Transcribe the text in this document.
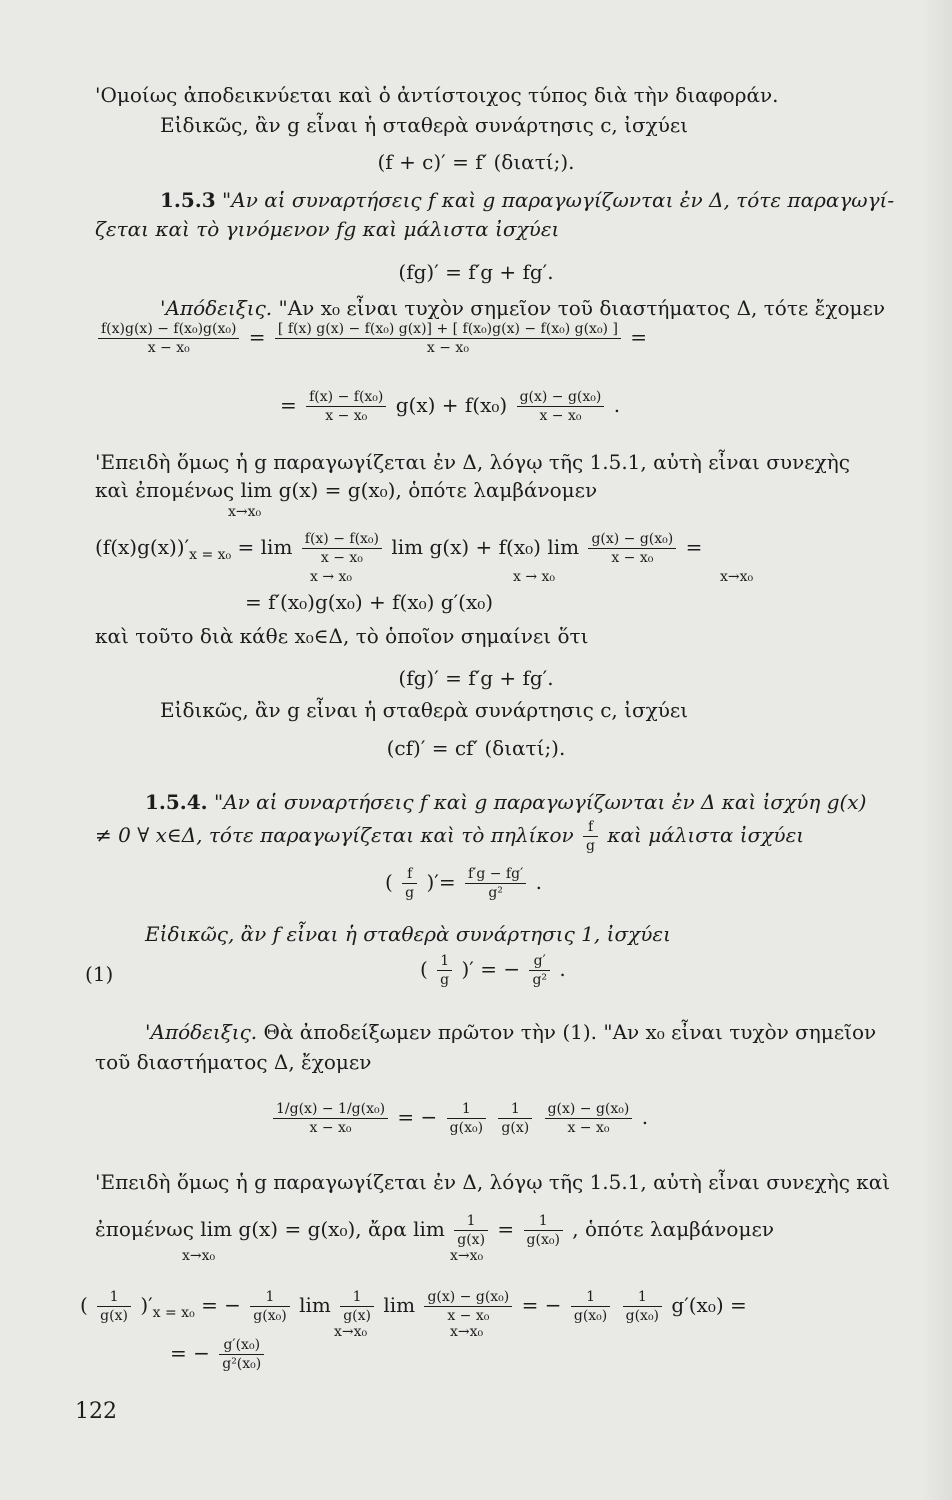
'Ομοίως ἀποδεικνύεται καὶ ὁ ἀντίστοιχος τύπος διὰ τὴν διαφοράν.
Εἰδικῶς, ἂν g εἶναι ἡ σταθερὰ συνάρτησις c, ἰσχύει
(f + c)′ = f′ (διατί;).
1.5.3 "Αν αἱ συναρτήσεις f καὶ g παραγωγίζωνται ἐν Δ, τότε παραγωγί-
ζεται καὶ τὸ γινόμενον fg καὶ μάλιστα ἰσχύει
(fg)′ = f′g + fg′.
'Απόδειξις. "Αν x₀ εἶναι τυχὸν σημεῖον τοῦ διαστήματος Δ, τότε ἔχομεν
$\frac{\text{f(x)g(x) − f(x₀)g(x₀)}}{\text{x − x₀}} = \frac{\text{[ f(x) g(x) − f(x₀) g(x)] + [ f(x₀)g(x) − f(x₀) g(x₀) ]}}{\text{x − x₀}}$ =
= $\frac{\text{f(x) − f(x₀)}}{\text{x − x₀}} g(x) + f(x_0) \frac{\text{g(x) − g(x₀)}}{\text{x − x₀}}$ .
'Επειδὴ ὅμως ἡ g παραγωγίζεται ἐν Δ, λόγῳ τῆς 1.5.1, αὐτὴ εἶναι συνεχὴς
καὶ ἐπομένως lim g(x) = g(x₀), ὁπότε λαμβάνομεν
x→x₀
$(f(x)g(x))'_{x = x_0} = \lim \frac{\text{f(x) − f(x₀)}}{\text{x − x₀}}$ lim g(x) + f(x₀) $\lim \frac{\text{g(x) − g(x₀)}}{\text{x − x₀}}$ =
x → x₀	x → x₀	x→x₀
= f′(x₀)g(x₀) + f(x₀) g′(x₀)
καὶ τοῦτο διὰ κάθε x₀∈Δ, τὸ ὁποῖον σημαίνει ὅτι
(fg)′ = f′g + fg′.
Εἰδικῶς, ἂν g εἶναι ἡ σταθερὰ συνάρτησις c, ἰσχύει
(cf)′ = cf′ (διατί;).
1.5.4. "Αν αἱ συναρτήσεις f καὶ g παραγωγίζωνται ἐν Δ καὶ ἰσχύη g(x)
≠ 0 ∀ x∈Δ, τότε παραγωγίζεται καὶ τὸ πηλίκον $\frac{f}{g}$ καὶ μάλιστα ἰσχύει
( $\frac{f}{g}$ )′= $\frac{f'g - fg'}{\text{g²}}$ .
Εἰδικῶς, ἂν f εἶναι ἡ σταθερὰ συνάρτησις 1, ἰσχύει
(1)	( $\frac{1}{g}$ )′ = − $\frac{g'}{\text{g²}}$ .
'Απόδειξις. Θὰ ἀποδείξωμεν πρῶτον τὴν (1). "Αν x₀ εἶναι τυχὸν σημεῖον
τοῦ διαστήματος Δ, ἔχομεν
$\frac{\text{1/g(x) − 1/g(x₀)}}{\text{x − x₀}}$ = − $\frac{1}{\text{g(x₀)}}$
$\frac{1}{g(x)}$
$\frac{\text{g(x) − g(x₀)}}{\text{x − x₀}}$ .
'Επειδὴ ὅμως ἡ g παραγωγίζεται ἐν Δ, λόγῳ τῆς 1.5.1, αὐτὴ εἶναι συνεχὴς καὶ
ἐπομένως lim g(x) = g(x₀), ἄρα $\lim \frac{1}{g(x)} = \frac{1}{\text{g(x₀)}}$ , ὁπότε λαμβάνομεν
x→x₀	x→x₀
( $\frac{1}{g(x)} )'_{x = x_0}$ = − $\frac{1}{\text{g(x₀)}}$ $\lim \frac{1}{g(x)}$ $\lim \frac{\text{g(x) − g(x₀)}}{\text{x − x₀}}$ = − $\frac{1}{\text{g(x₀)}}$
$\frac{1}{\text{g(x₀)}} g'(x_0)$ =
x→x₀	x→x₀
= − $\frac{\text{g′(x₀)}}{\text{g²(x₀)}}$
122
